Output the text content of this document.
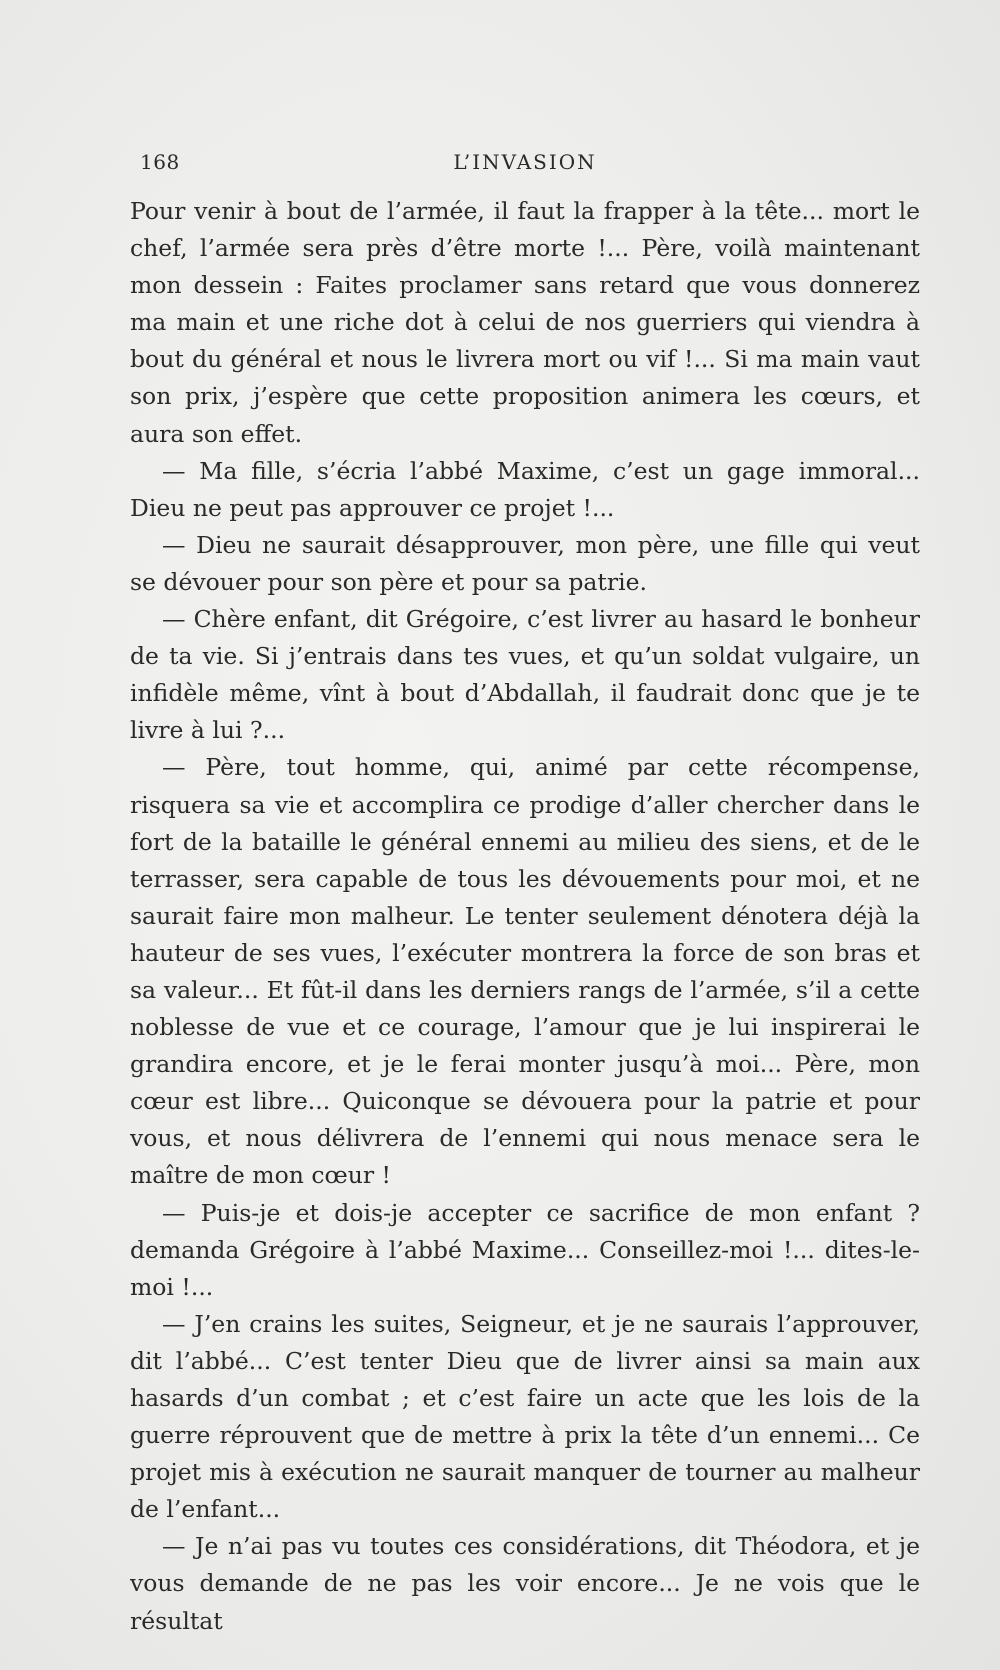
168	L’INVASION

Pour venir à bout de l’armée, il faut la frapper à la tête... mort le chef, l’armée sera près d’être morte !... Père, voilà maintenant mon dessein : Faites proclamer sans retard que vous donnerez ma main et une riche dot à celui de nos guerriers qui viendra à bout du général et nous le livrera mort ou vif !... Si ma main vaut son prix, j’espère que cette proposition animera les cœurs, et aura son effet.

— Ma fille, s’écria l’abbé Maxime, c’est un gage immoral... Dieu ne peut pas approuver ce projet !...

— Dieu ne saurait désapprouver, mon père, une fille qui veut se dévouer pour son père et pour sa patrie.

— Chère enfant, dit Grégoire, c’est livrer au hasard le bonheur de ta vie. Si j’entrais dans tes vues, et qu’un soldat vulgaire, un infidèle même, vînt à bout d’Abdallah, il faudrait donc que je te livre à lui ?...

— Père, tout homme, qui, animé par cette récompense, risquera sa vie et accomplira ce prodige d’aller chercher dans le fort de la bataille le général ennemi au milieu des siens, et de le terrasser, sera capable de tous les dévouements pour moi, et ne saurait faire mon malheur. Le tenter seulement dénotera déjà la hauteur de ses vues, l’exécuter montrera la force de son bras et sa valeur... Et fût-il dans les derniers rangs de l’armée, s’il a cette noblesse de vue et ce courage, l’amour que je lui inspirerai le grandira encore, et je le ferai monter jusqu’à moi... Père, mon cœur est libre... Quiconque se dévouera pour la patrie et pour vous, et nous délivrera de l’ennemi qui nous menace sera le maître de mon cœur !

— Puis-je et dois-je accepter ce sacrifice de mon enfant ? demanda Grégoire à l’abbé Maxime... Conseillez-moi !... dites-le-moi !...

— J’en crains les suites, Seigneur, et je ne saurais l’approuver, dit l’abbé... C’est tenter Dieu que de livrer ainsi sa main aux hasards d’un combat ; et c’est faire un acte que les lois de la guerre réprouvent que de mettre à prix la tête d’un ennemi... Ce projet mis à exécution ne saurait manquer de tourner au malheur de l’enfant...

— Je n’ai pas vu toutes ces considérations, dit Théodora, et je vous demande de ne pas les voir encore... Je ne vois que le résultat
